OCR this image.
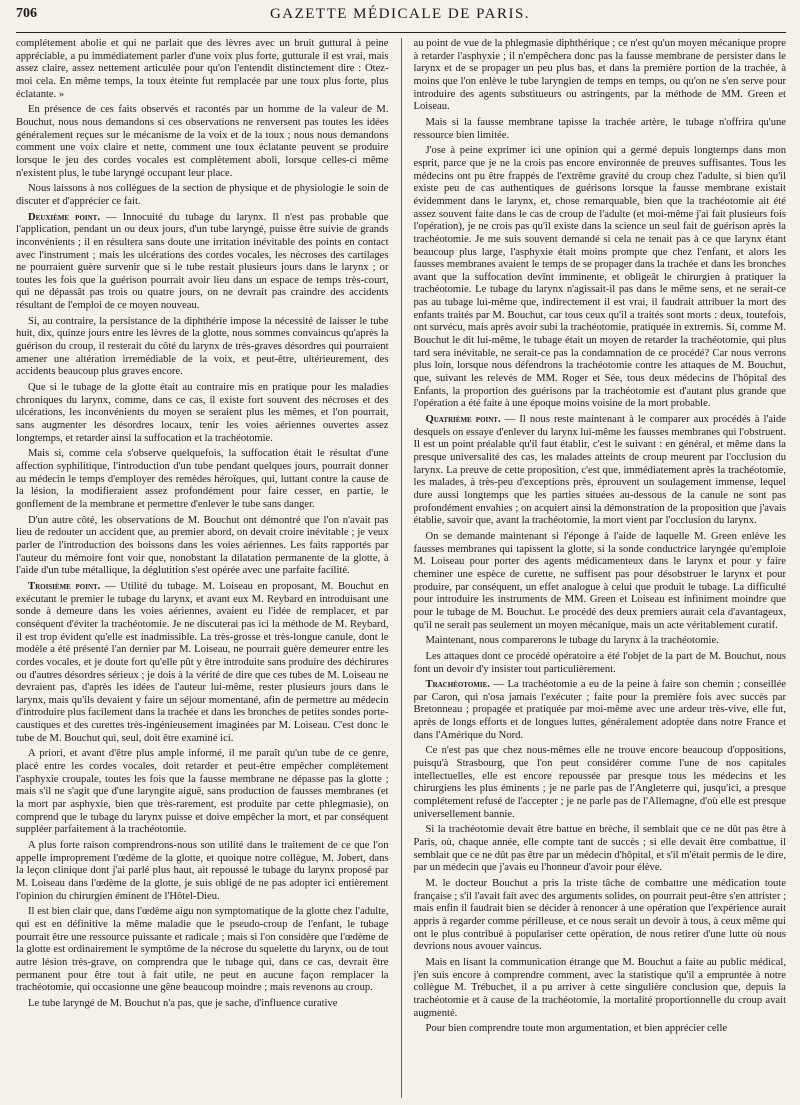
706	GAZETTE MÉDICALE DE PARIS.

complétement abolie et qui ne parlait que des lèvres avec un bruit guttural à peine appréciable, a pu immédiatement parler d'une voix plus forte, gutturale il est vrai, mais assez claire, assez nettement articulée pour qu'on l'entendit distinctement dire : Otez-moi cela. En même temps, la toux éteinte fut remplacée par une toux plus forte, plus éclatante. »

En présence de ces faits observés et racontés par un homme de la valeur de M. Bouchut, nous nous demandons si ces observations ne renversent pas toutes les idées généralement reçues sur le mécanisme de la voix et de la toux ; nous nous demandons comment une voix claire et nette, comment une toux éclatante peuvent se produire lorsque le jeu des cordes vocales est complètement aboli, lorsque celles-ci même n'existent plus, le tube laryngé occupant leur place.

Nous laissons à nos collègues de la section de physique et de physiologie le soin de discuter et d'apprécier ce fait.

Deuxième point. — Innocuité du tubage du larynx. Il n'est pas probable que l'application, pendant un ou deux jours, d'un tube laryngé, puisse être suivie de grands inconvénients ; il en résultera sans doute une irritation inévitable des points en contact avec l'instrument ; mais les ulcérations des cordes vocales, les nécroses des cartilages ne pourraient guère survenir que si le tube restait plusieurs jours dans le larynx ; or toutes les fois que la guérison pourrait avoir lieu dans un espace de temps très-court, qui ne dépassât pas trois ou quatre jours, on ne devrait pas craindre des accidents résultant de l'emploi de ce moyen nouveau.

Si, au contraire, la persistance de la diphthérie impose la nécessité de laisser le tube huit, dix, quinze jours entre les lèvres de la glotte, nous sommes convaincus qu'après la guérison du croup, il resterait du côté du larynx de très-graves désordres qui pourraient amener une altération irremédiable de la voix, et peut-être, ultérieurement, des accidents beaucoup plus graves encore.

Que si le tubage de la glotte était au contraire mis en pratique pour les maladies chroniques du larynx, comme, dans ce cas, il existe fort souvent des nécroses et des ulcérations, les inconvénients du moyen se seraient plus les mêmes, et l'on pourrait, sans augmenter les désordres locaux, tenir les voies aériennes ouvertes assez longtemps, et retarder ainsi la suffocation et la trachéotomie.

Mais si, comme cela s'observe quelquefois, la suffocation était le résultat d'une affection syphilitique, l'introduction d'un tube pendant quelques jours, pourrait donner au médecin le temps d'employer des remèdes héroïques, qui, luttant contre la cause de la lésion, la modifieraient assez profondément pour faire cesser, en partie, le gonflement de la membrane et permettre d'enlever le tube sans danger.

D'un autre côté, les observations de M. Bouchut ont démontré que l'on n'avait pas lieu de redouter un accident que, au premier abord, on devait croire inévitable ; je veux parler de l'introduction des boissons dans les voies aériennes. Les faits rapportés par l'auteur du mémoire font voir que, nonobstant la dilatation permanente de la glotte, à l'aide d'un tube métallique, la déglutition s'est opérée avec une parfaite facilité.

Troisième point. — Utilité du tubage. M. Loiseau en proposant, M. Bouchut en exécutant le premier le tubage du larynx, et avant eux M. Reybard en introduisant une sonde à demeure dans les voies aériennes, avaient eu l'idée de remplacer, et par conséquent d'éviter la trachéotomie. Je ne discuterai pas ici la méthode de M. Reybard, il est trop évident qu'elle est inadmissible. La très-grosse et très-longue canule, dont le modèle a été présenté l'an dernier par M. Loiseau, ne pourrait guère demeurer entre les cordes vocales, et je doute fort qu'elle pût y être introduite sans produire des déchirures ou d'autres désordres sérieux ; je dois à la vérité de dire que ces tubes de M. Loiseau ne devraient pas, d'après les idées de l'auteur lui-même, rester plusieurs jours dans le larynx, mais qu'ils devaient y faire un séjour momentané, afin de permettre au médecin d'introduire plus facilement dans la trachée et dans les bronches de petites sondes porte-caustiques et des curettes très-ingénieusement imaginées par M. Loiseau. C'est donc le tube de M. Bouchut qui, seul, doit être examiné ici.

A priori, et avant d'être plus ample informé, il me paraît qu'un tube de ce genre, placé entre les cordes vocales, doit retarder et peut-être empêcher complétement l'asphyxie croupale, toutes les fois que la fausse membrane ne dépasse pas la glotte ; mais s'il ne s'agit que d'une laryngite aiguë, sans production de fausses membranes (et la mort par asphyxie, bien que très-rarement, est produite par cette phlegmasie), on comprend que le tubage du larynx puisse et doive empêcher la mort, et par conséquent suppléer parfaitement à la trachéotomie.

A plus forte raison comprendrons-nous son utilité dans le traitement de ce que l'on appelle improprement l'œdème de la glotte, et quoique notre collègue, M. Jobert, dans la leçon clinique dont j'ai parlé plus haut, ait repoussé le tubage du larynx proposé par M. Loiseau dans l'œdème de la glotte, je suis obligé de ne pas adopter ici entièrement l'opinion du chirurgien éminent de l'Hôtel-Dieu.

Il est bien clair que, dans l'œdème aigu non symptomatique de la glotte chez l'adulte, qui est en définitive la même maladie que le pseudo-croup de l'enfant, le tubage pourrait être une ressource puissante et radicale ; mais si l'on considère que l'œdème de la glotte est ordinairement le symptôme de la nécrose du squelette du larynx, ou de tout autre lésion très-grave, on comprendra que le tubage qui, dans ce cas, devrait être permanent pour être tout à fait utile, ne peut en aucune façon remplacer la trachéotomie, qui occasionne une gêne beaucoup moindre ; mais revenons au croup.

Le tube laryngé de M. Bouchut n'a pas, que je sache, d'influence curative

au point de vue de la phlegmasie diphthérique ; ce n'est qu'un moyen mécanique propre à retarder l'asphyxie ; il n'empêchera donc pas la fausse membrane de persister dans le larynx et de se propager un peu plus bas, et dans la première portion de la trachée, à moins que l'on enlève le tube laryngien de temps en temps, ou qu'on ne s'en serve pour introduire des agents substitueurs ou astringents, par la méthode de MM. Green et Loiseau.

Mais si la fausse membrane tapisse la trachée artère, le tubage n'offrira qu'une ressource bien limitée.

J'ose à peine exprimer ici une opinion qui a germé depuis longtemps dans mon esprit, parce que je ne la crois pas encore environnée de preuves suffisantes. Tous les médecins ont pu être frappés de l'extrême gravité du croup chez l'adulte, si bien qu'il existe peu de cas authentiques de guérisons lorsque la fausse membrane existait évidemment dans le larynx, et, chose remarquable, bien que la trachéotomie ait été assez souvent faite dans le cas de croup de l'adulte (et moi-même j'ai fait plusieurs fois l'opération), je ne crois pas qu'il existe dans la science un seul fait de guérison après la trachéotomie. Je me suis souvent demandé si cela ne tenait pas à ce que larynx étant beaucoup plus large, l'asphyxie était moins prompte que chez l'enfant, et alors les fausses membranes avaient le temps de se propager dans la trachée et dans les bronches avant que la suffocation devînt imminente, et obligeât le chirurgien à pratiquer la trachéotomie. Le tubage du larynx n'agissait-il pas dans le même sens, et ne serait-ce pas au tubage lui-même que, indirectement il est vrai, il faudrait attribuer la mort des enfants traités par M. Bouchut, car tous ceux qu'il a traités sont morts : deux, toutefois, ont survécu, mais après avoir subi la trachéotomie, pratiquée in extremis. Si, comme M. Bouchut le dit lui-même, le tubage était un moyen de retarder la trachéotomie, qui plus tard sera inévitable, ne serait-ce pas la condamnation de ce procédé? Car nous verrons plus loin, lorsque nous défendrons la trachéotomie contre les attaques de M. Bouchut, que, suivant les relevés de MM. Roger et Sée, tous deux médecins de l'hôpital des Enfants, la proportion des guérisons par la trachéotomie est d'autant plus grande que l'opération a été faite à une époque moins voisine de la mort probable.

Quatrième point. — Il nous reste maintenant à le comparer aux procédés à l'aide desquels on essaye d'enlever du larynx lui-même les fausses membranes qui l'obstruent. Il est un point préalable qu'il faut établir, c'est le suivant : en général, et même dans la presque universalité des cas, les malades atteints de croup meurent par l'occlusion du larynx. La preuve de cette proposition, c'est que, immédiatement après la trachéotomie, les malades, à très-peu d'exceptions près, éprouvent un soulagement immense, lequel dure aussi longtemps que les parties situées au-dessous de la canule ne sont pas profondément envahies ; on acquiert ainsi la démonstration de la proposition que j'avais établie, savoir que, avant la trachéotomie, la mort vient par l'occlusion du larynx.

On se demande maintenant si l'éponge à l'aide de laquelle M. Green enlève les fausses membranes qui tapissent la glotte, si la sonde conductrice laryngée qu'emploie M. Loiseau pour porter des agents médicamenteux dans le larynx et pour y faire cheminer une espèce de curette, ne suffisent pas pour désobstruer le larynx et pour produire, par conséquent, un effet analogue à celui que produit le tubage. La difficulté pour introduire les instruments de MM. Green et Loiseau est infiniment moindre que pour le tubage de M. Bouchut. Le procédé des deux premiers aurait cela d'avantageux, qu'il ne serait pas seulement un moyen mécanique, mais un acte véritablement curatif.

Maintenant, nous comparerons le tubage du larynx à la trachéotomie.

Les attaques dont ce procédé opératoire a été l'objet de la part de M. Bouchut, nous font un devoir d'y insister tout particulièrement.

Trachéotomie. — La trachéotomie a eu de la peine à faire son chemin ; conseillée par Caron, qui n'osa jamais l'exécuter ; faite pour la première fois avec succès par Bretonneau ; propagée et pratiquée par moi-même avec une ardeur très-vive, elle fut, après de longs efforts et de longues luttes, généralement adoptée dans notre France et dans l'Amérique du Nord.

Ce n'est pas que chez nous-mêmes elle ne trouve encore beaucoup d'oppositions, puisqu'à Strasbourg, que l'on peut considérer comme l'une de nos capitales intellectuelles, elle est encore repoussée par presque tous les médecins et les chirurgiens les plus éminents ; je ne parle pas de l'Angleterre qui, jusqu'ici, a presque complétement refusé de l'accepter ; je ne parle pas de l'Allemagne, d'où elle est presque universellement bannie.

Si la trachéotomie devait être battue en brèche, il semblait que ce ne dût pas être à Paris, où, chaque année, elle compte tant de succès ; si elle devait être combattue, il semblait que ce ne dût pas être par un médecin d'hôpital, et s'il m'était permis de le dire, par un médecin que j'avais eu l'honneur d'avoir pour élève.

M. le docteur Bouchut a pris la triste tâche de combattre une médication toute française ; s'il l'avait fait avec des arguments solides, on pourrait peut-être s'en attrister ; mais enfin il faudrait bien se décider à renoncer à une opération que l'expérience aurait appris à regarder comme périlleuse, et ce nous serait un devoir à tous, à ceux même qui ont le plus contribué à populariser cette opération, de nous retirer d'une lutte où nous devrions nous avouer vaincus.

Mais en lisant la communication étrange que M. Bouchut a faite au public médical, j'en suis encore à comprendre comment, avec la statistique qu'il a empruntée à notre collègue M. Trébuchet, il a pu arriver à cette singulière conclusion que, depuis la trachéotomie et à cause de la trachéotomie, la mortalité proportionnelle du croup avait augmenté.

Pour bien comprendre toute mon argumentation, et bien apprécier celle
